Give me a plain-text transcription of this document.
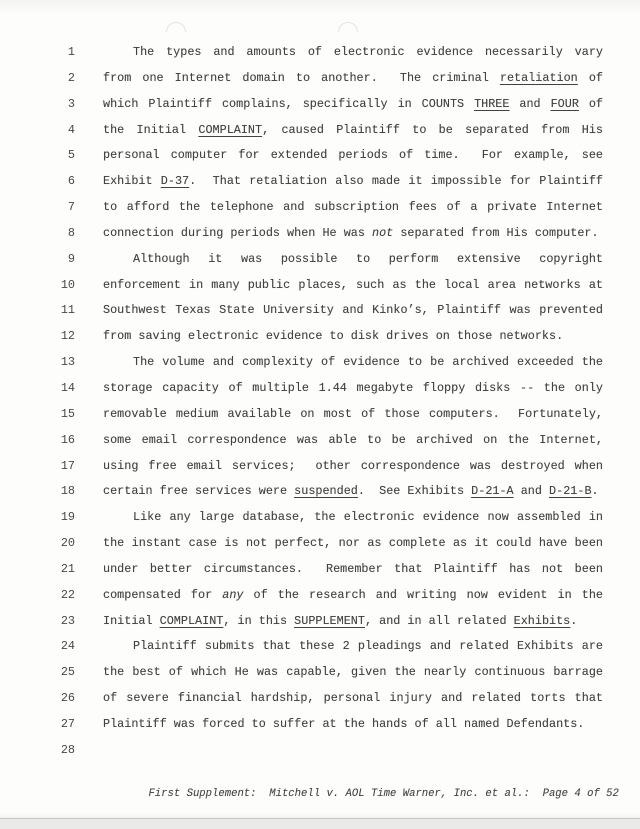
1	The types and amounts of electronic evidence necessarily vary
2 from one Internet domain to another.  The criminal retaliation of
3 which Plaintiff complains, specifically in COUNTS THREE and FOUR of
4 the Initial COMPLAINT, caused Plaintiff to be separated from His
5 personal computer for extended periods of time.  For example, see
6 Exhibit D-37.  That retaliation also made it impossible for Plaintiff
7 to afford the telephone and subscription fees of a private Internet
8 connection during periods when He was not separated from His computer.
9	Although it was possible to perform extensive copyright
10 enforcement in many public places, such as the local area networks at
11 Southwest Texas State University and Kinko’s, Plaintiff was prevented
12 from saving electronic evidence to disk drives on those networks.
13	The volume and complexity of evidence to be archived exceeded the
14 storage capacity of multiple 1.44 megabyte floppy disks -- the only
15 removable medium available on most of those computers.  Fortunately,
16 some email correspondence was able to be archived on the Internet,
17 using free email services;  other correspondence was destroyed when
18 certain free services were suspended.  See Exhibits D-21-A and D-21-B.
19	Like any large database, the electronic evidence now assembled in
20 the instant case is not perfect, nor as complete as it could have been
21 under better circumstances.  Remember that Plaintiff has not been
22 compensated for any of the research and writing now evident in the
23 Initial COMPLAINT, in this SUPPLEMENT, and in all related Exhibits.
24	Plaintiff submits that these 2 pleadings and related Exhibits are
25 the best of which He was capable, given the nearly continuous barrage
26 of severe financial hardship, personal injury and related torts that
27 Plaintiff was forced to suffer at the hands of all named Defendants.
28

First Supplement:  Mitchell v. AOL Time Warner, Inc. et al.:  Page 4 of 52
